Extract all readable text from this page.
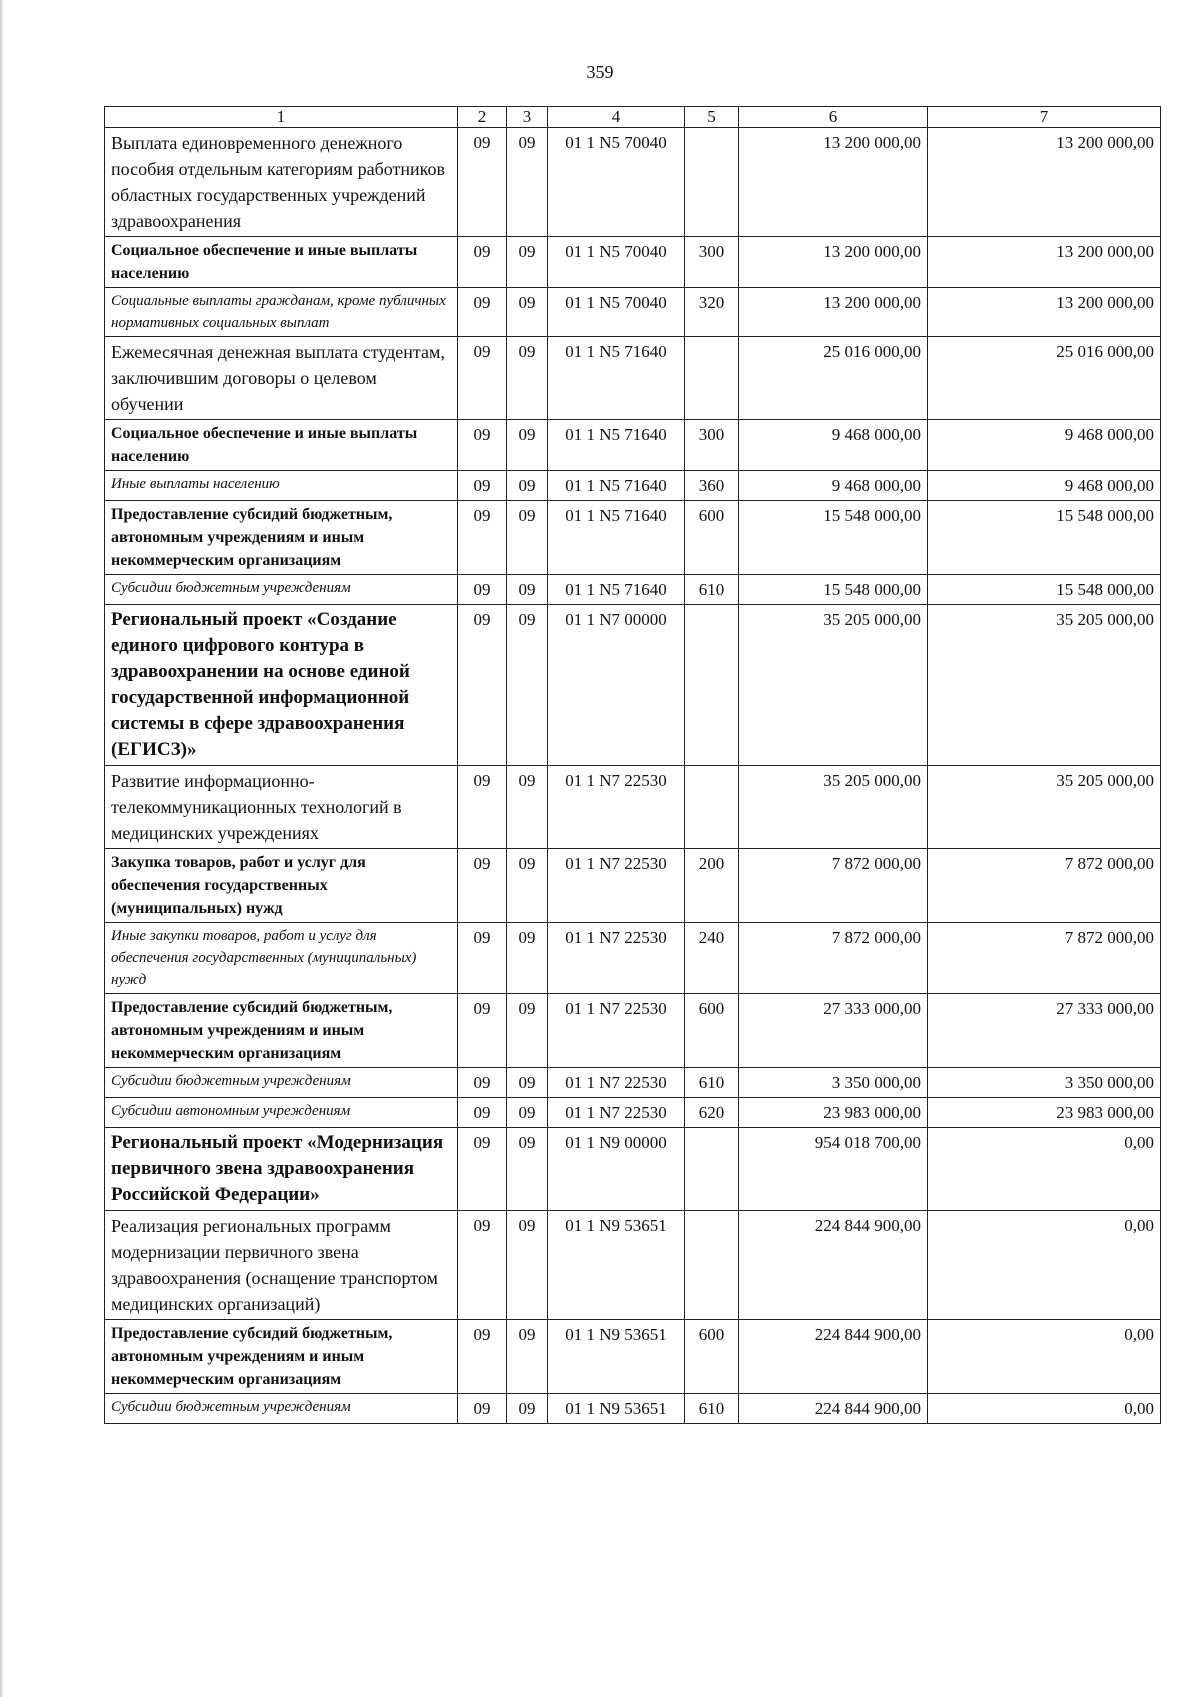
359
1	2	3	4	5	6	7
Выплата единовременного денежного пособия отдельным категориям работников областных государственных учреждений здравоохранения	09	09	01 1 N5 70040		13 200 000,00	13 200 000,00
Социальное обеспечение и иные выплаты населению	09	09	01 1 N5 70040	300	13 200 000,00	13 200 000,00
Социальные выплаты гражданам, кроме публичных нормативных социальных выплат	09	09	01 1 N5 70040	320	13 200 000,00	13 200 000,00
Ежемесячная денежная выплата студентам, заключившим договоры о целевом обучении	09	09	01 1 N5 71640		25 016 000,00	25 016 000,00
Социальное обеспечение и иные выплаты населению	09	09	01 1 N5 71640	300	9 468 000,00	9 468 000,00
Иные выплаты населению	09	09	01 1 N5 71640	360	9 468 000,00	9 468 000,00
Предоставление субсидий бюджетным, автономным учреждениям и иным некоммерческим организациям	09	09	01 1 N5 71640	600	15 548 000,00	15 548 000,00
Субсидии бюджетным учреждениям	09	09	01 1 N5 71640	610	15 548 000,00	15 548 000,00
Региональный проект «Создание единого цифрового контура в здравоохранении на основе единой государственной информационной системы в сфере здравоохранения (ЕГИСЗ)»	09	09	01 1 N7 00000		35 205 000,00	35 205 000,00
Развитие информационно-телекоммуникационных технологий в медицинских учреждениях	09	09	01 1 N7 22530		35 205 000,00	35 205 000,00
Закупка товаров, работ и услуг для обеспечения государственных (муниципальных) нужд	09	09	01 1 N7 22530	200	7 872 000,00	7 872 000,00
Иные закупки товаров, работ и услуг для обеспечения государственных (муниципальных) нужд	09	09	01 1 N7 22530	240	7 872 000,00	7 872 000,00
Предоставление субсидий бюджетным, автономным учреждениям и иным некоммерческим организациям	09	09	01 1 N7 22530	600	27 333 000,00	27 333 000,00
Субсидии бюджетным учреждениям	09	09	01 1 N7 22530	610	3 350 000,00	3 350 000,00
Субсидии автономным учреждениям	09	09	01 1 N7 22530	620	23 983 000,00	23 983 000,00
Региональный проект «Модернизация первичного звена здравоохранения Российской Федерации»	09	09	01 1 N9 00000		954 018 700,00	0,00
Реализация региональных программ модернизации первичного звена здравоохранения (оснащение транспортом медицинских организаций)	09	09	01 1 N9 53651		224 844 900,00	0,00
Предоставление субсидий бюджетным, автономным учреждениям и иным некоммерческим организациям	09	09	01 1 N9 53651	600	224 844 900,00	0,00
Субсидии бюджетным учреждениям	09	09	01 1 N9 53651	610	224 844 900,00	0,00
